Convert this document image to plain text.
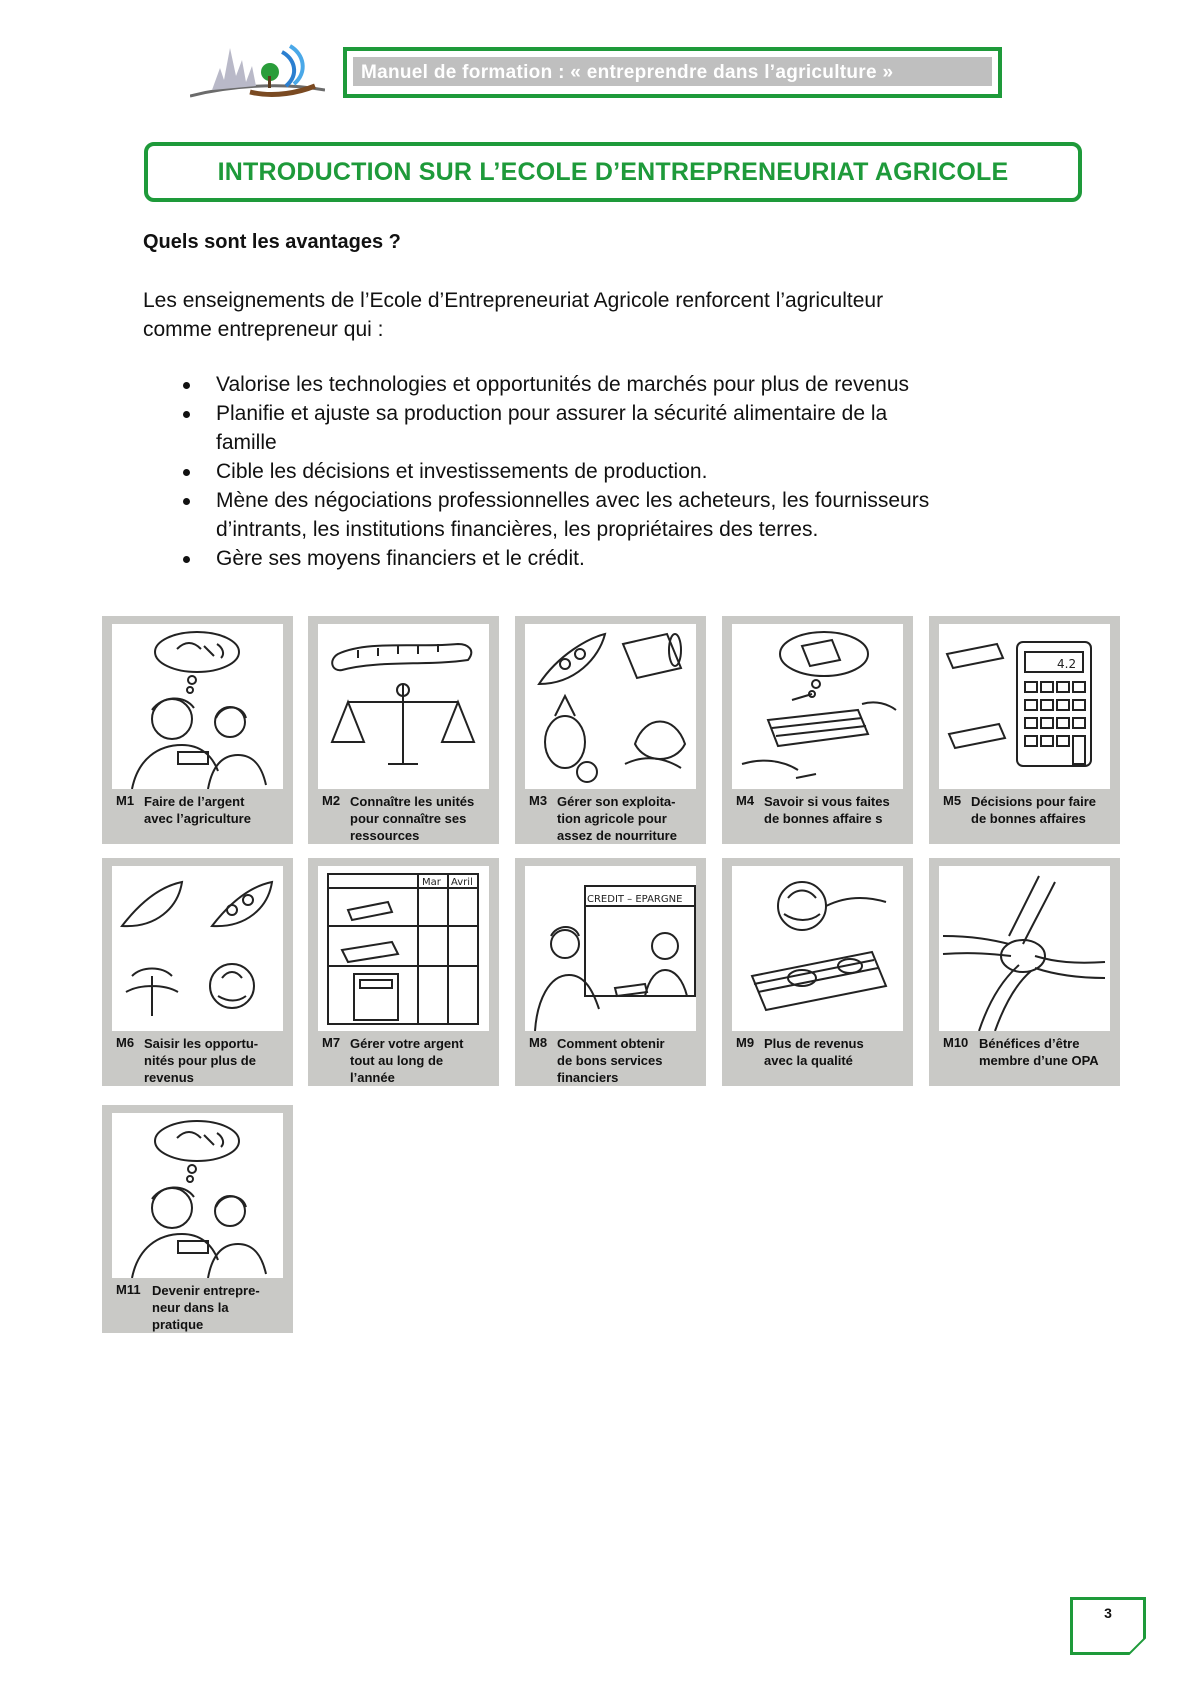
Manuel de formation : « entreprendre dans l’agriculture »
INTRODUCTION SUR L’ECOLE D’ENTREPRENEURIAT AGRICOLE
Quels sont les avantages ?
Les enseignements de l’Ecole d’Entrepreneuriat Agricole renforcent l’agriculteur
comme entrepreneur qui :
Valorise les technologies et opportunités de marchés pour plus de revenus
Planifie et ajuste sa production pour assurer la sécurité alimentaire de la
famille
Cible les décisions et investissements de production.
Mène des négociations professionnelles avec les acheteurs, les fournisseurs
d’intrants, les institutions financières, les propriétaires des terres.
Gère ses moyens financiers et le crédit.
M1 Faire de l’argent
avec l’agriculture
M2 Connaître les unités
pour connaître ses
ressources
M3 Gérer son exploita-
tion agricole pour
assez de nourriture
M4 Savoir si vous faites
de bonnes affaire s
4.2
M5 Décisions pour faire
de bonnes affaires
M6 Saisir les opportu-
nités pour plus de
revenus
Mar Avril
M7 Gérer votre argent
tout au long de
l’année
CREDIT – EPARGNE
M8 Comment obtenir
de bons services
financiers
M9 Plus de revenus
avec la qualité
M10 Bénéfices d’être
membre d’une OPA
M11 Devenir entrepre-
neur dans la
pratique
3
